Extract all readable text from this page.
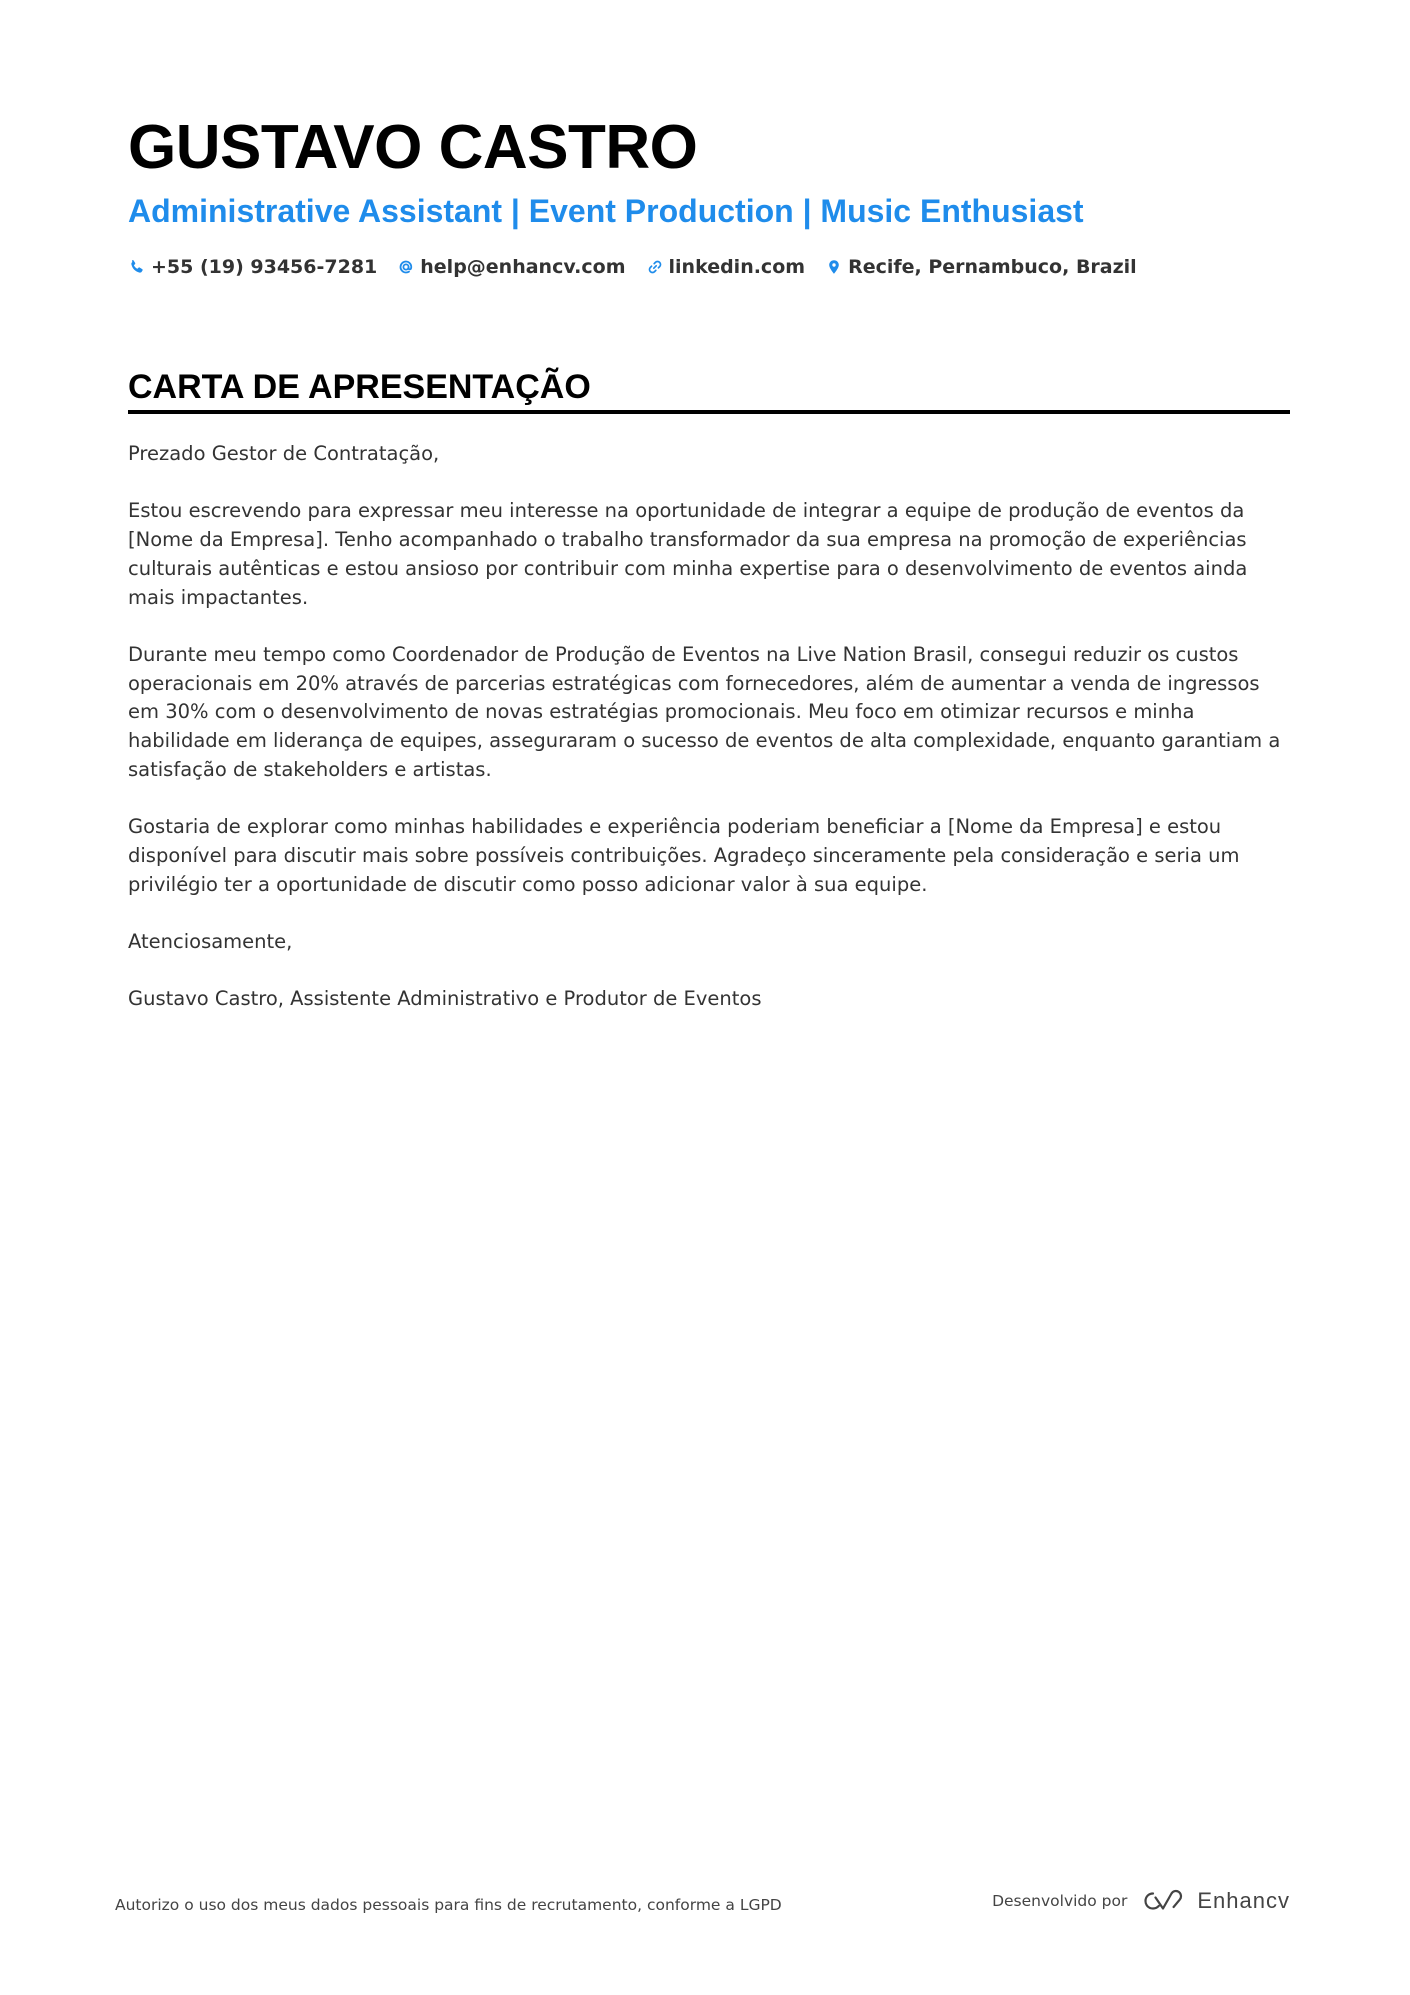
GUSTAVO CASTRO
Administrative Assistant | Event Production | Music Enthusiast
+55 (19) 93456-7281 help@enhancv.com linkedin.com Recife, Pernambuco, Brazil
CARTA DE APRESENTAÇÃO

Prezado Gestor de Contratação,

Estou escrevendo para expressar meu interesse na oportunidade de integrar a equipe de produção de eventos da [Nome da Empresa]. Tenho acompanhado o trabalho transformador da sua empresa na promoção de experiências culturais autênticas e estou ansioso por contribuir com minha expertise para o desenvolvimento de eventos ainda mais impactantes.

Durante meu tempo como Coordenador de Produção de Eventos na Live Nation Brasil, consegui reduzir os custos operacionais em 20% através de parcerias estratégicas com fornecedores, além de aumentar a venda de ingressos em 30% com o desenvolvimento de novas estratégias promocionais. Meu foco em otimizar recursos e minha habilidade em liderança de equipes, asseguraram o sucesso de eventos de alta complexidade, enquanto garantiam a satisfação de stakeholders e artistas.

Gostaria de explorar como minhas habilidades e experiência poderiam beneficiar a [Nome da Empresa] e estou disponível para discutir mais sobre possíveis contribuições. Agradeço sinceramente pela consideração e seria um privilégio ter a oportunidade de discutir como posso adicionar valor à sua equipe.

Atenciosamente,

Gustavo Castro, Assistente Administrativo e Produtor de Eventos

Autorizo o uso dos meus dados pessoais para fins de recrutamento, conforme a LGPD	Desenvolvido por	Enhancv
